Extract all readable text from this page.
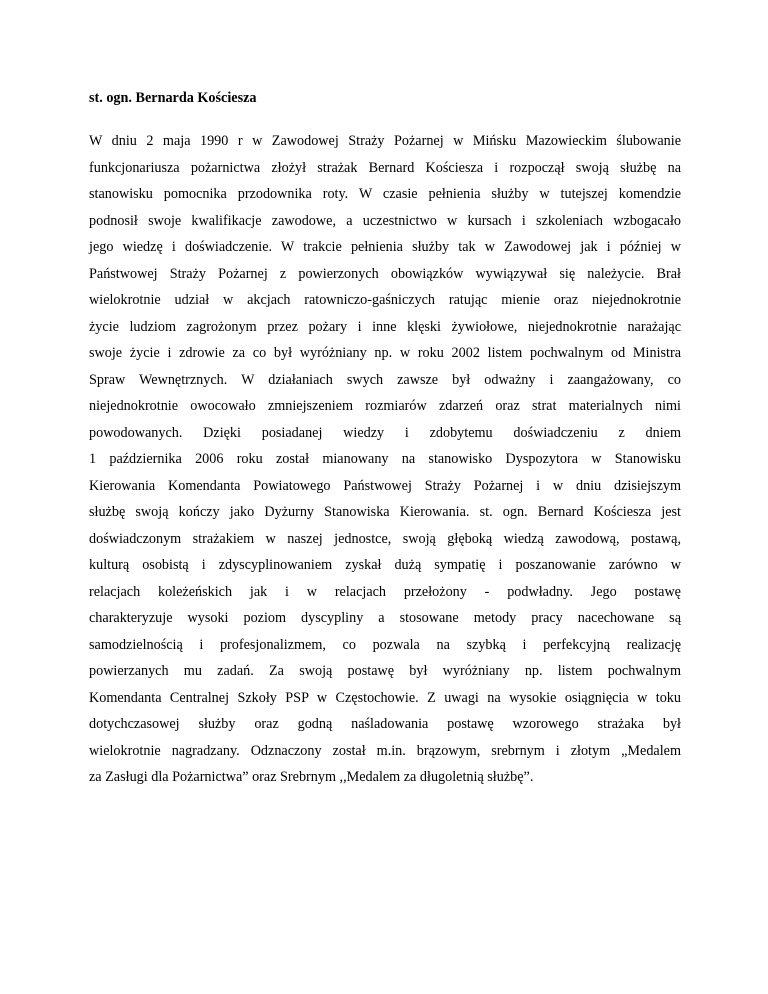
st. ogn. Bernarda Kościesza
W dniu 2 maja 1990 r w Zawodowej Straży Pożarnej w Mińsku Mazowieckim ślubowanie
funkcjonariusza pożarnictwa złożył strażak Bernard Kościesza i rozpoczął swoją służbę na
stanowisku pomocnika przodownika roty. W czasie pełnienia służby w tutejszej komendzie
podnosił swoje kwalifikacje zawodowe, a uczestnictwo w kursach i szkoleniach wzbogacało
jego wiedzę i doświadczenie. W trakcie pełnienia służby tak w Zawodowej jak i później w
Państwowej Straży Pożarnej z powierzonych obowiązków wywiązywał się należycie. Brał
wielokrotnie udział w akcjach ratowniczo-gaśniczych ratując mienie oraz niejednokrotnie
życie ludziom zagrożonym przez pożary i inne klęski żywiołowe, niejednokrotnie narażając
swoje życie i zdrowie za co był wyróżniany np. w roku 2002 listem pochwalnym od Ministra
Spraw Wewnętrznych. W działaniach swych zawsze był odważny i zaangażowany, co
niejednokrotnie owocowało zmniejszeniem rozmiarów zdarzeń oraz strat materialnych nimi
powodowanych. Dzięki posiadanej wiedzy i zdobytemu doświadczeniu z dniem
1 października 2006 roku został mianowany na stanowisko Dyspozytora w Stanowisku
Kierowania Komendanta Powiatowego Państwowej Straży Pożarnej i w dniu dzisiejszym
służbę swoją kończy jako Dyżurny Stanowiska Kierowania. st. ogn. Bernard Kościesza jest
doświadczonym strażakiem w naszej jednostce, swoją głęboką wiedzą zawodową, postawą,
kulturą osobistą i zdyscyplinowaniem zyskał dużą sympatię i poszanowanie zarówno w
relacjach koleżeńskich jak i w relacjach przełożony - podwładny. Jego postawę
charakteryzuje wysoki poziom dyscypliny a stosowane metody pracy nacechowane są
samodzielnością i profesjonalizmem, co pozwala na szybką i perfekcyjną realizację
powierzanych mu zadań. Za swoją postawę był wyróżniany np. listem pochwalnym
Komendanta Centralnej Szkoły PSP w Częstochowie. Z uwagi na wysokie osiągnięcia w toku
dotychczasowej służby oraz godną naśladowania postawę wzorowego strażaka był
wielokrotnie nagradzany. Odznaczony został m.in. brązowym, srebrnym i złotym „Medalem
za Zasługi dla Pożarnictwa” oraz Srebrnym ,,Medalem za długoletnią służbę”.
